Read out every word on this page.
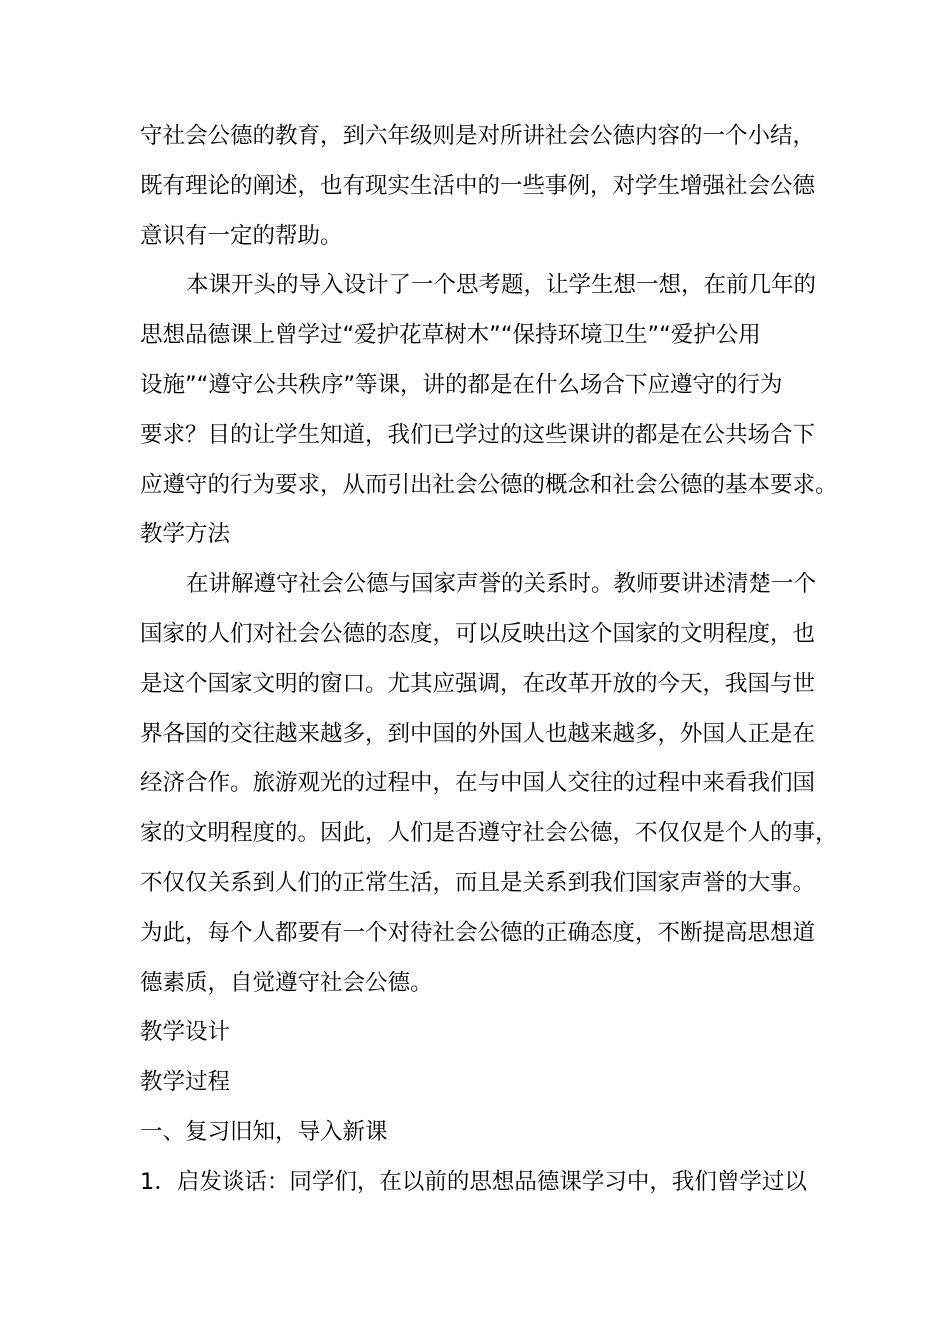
守社会公德的教育，到六年级则是对所讲社会公德内容的一个小结，
既有理论的阐述，也有现实生活中的一些事例，对学生增强社会公德
意识有一定的帮助。
本课开头的导入设计了一个思考题，让学生想一想，在前几年的
思想品德课上曾学过“爱护花草树木”“保持环境卫生”“爱护公用
设施”“遵守公共秩序”等课，讲的都是在什么场合下应遵守的行为
要求？目的让学生知道，我们已学过的这些课讲的都是在公共场合下
应遵守的行为要求，从而引出社会公德的概念和社会公德的基本要求。
教学方法
在讲解遵守社会公德与国家声誉的关系时。教师要讲述清楚一个
国家的人们对社会公德的态度，可以反映出这个国家的文明程度，也
是这个国家文明的窗口。尤其应强调，在改革开放的今天，我国与世
界各国的交往越来越多，到中国的外国人也越来越多，外国人正是在
经济合作。旅游观光的过程中，在与中国人交往的过程中来看我们国
家的文明程度的。因此，人们是否遵守社会公德，不仅仅是个人的事，
不仅仅关系到人们的正常生活，而且是关系到我们国家声誉的大事。
为此，每个人都要有一个对待社会公德的正确态度，不断提高思想道
德素质，自觉遵守社会公德。
教学设计
教学过程
一、复习旧知，导入新课
1．启发谈话：同学们，在以前的思想品德课学习中，我们曾学过以
